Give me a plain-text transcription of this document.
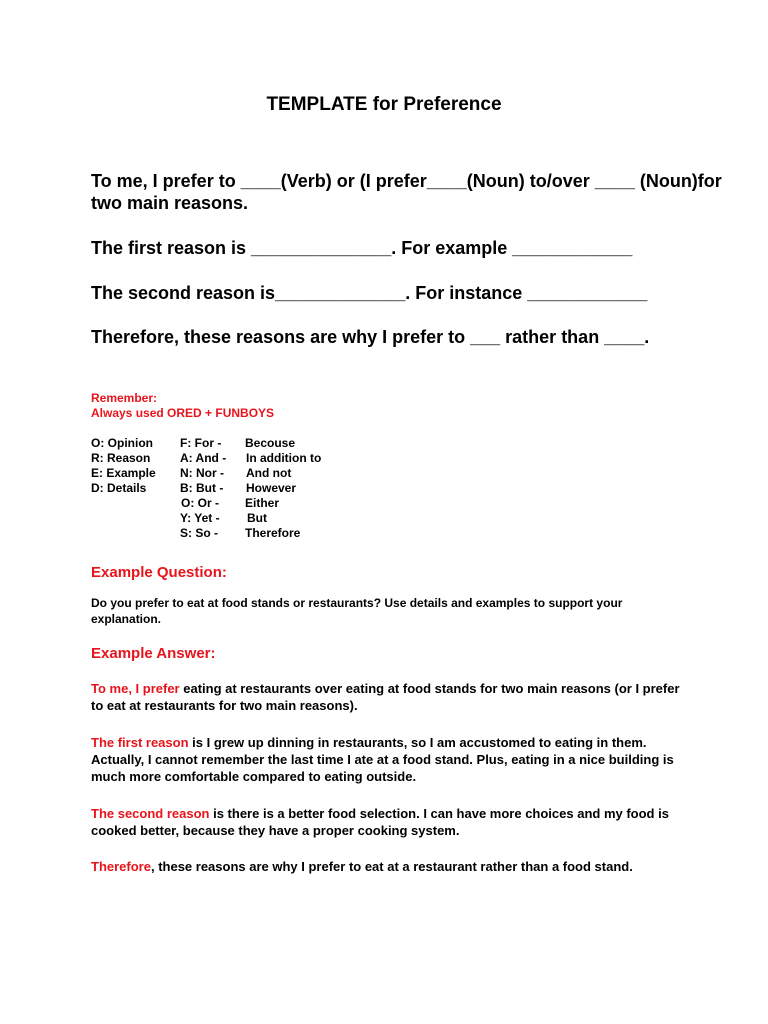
TEMPLATE for Preference

To me, I prefer to ____(Verb) or (I prefer____(Noun) to/over ____ (Noun)for two main reasons.

The first reason is ______________. For example ____________

The second reason is_____________. For instance ____________

Therefore, these reasons are why I prefer to ___ rather than ____.

Remember:
Always used ORED + FUNBOYS
O: Opinion
R: Reason
E: Example
D: Details
F: For -
A: And -
N: Nor -
B: But -
O: Or -
Y: Yet -
S: So -
Becouse
In addition to
And not
However
Either
But
Therefore
Example Question:
Do you prefer to eat at food stands or restaurants? Use details and examples to support your explanation.
Example Answer:
To me, I prefer eating at restaurants over eating at food stands for two main reasons (or I prefer to eat at restaurants for two main reasons).
The first reason is I grew up dinning in restaurants, so I am accustomed to eating in them. Actually, I cannot remember the last time I ate at a food stand. Plus, eating in a nice building is much more comfortable compared to eating outside.
The second reason is there is a better food selection. I can have more choices and my food is cooked better, because they have a proper cooking system.
Therefore, these reasons are why I prefer to eat at a restaurant rather than a food stand.
